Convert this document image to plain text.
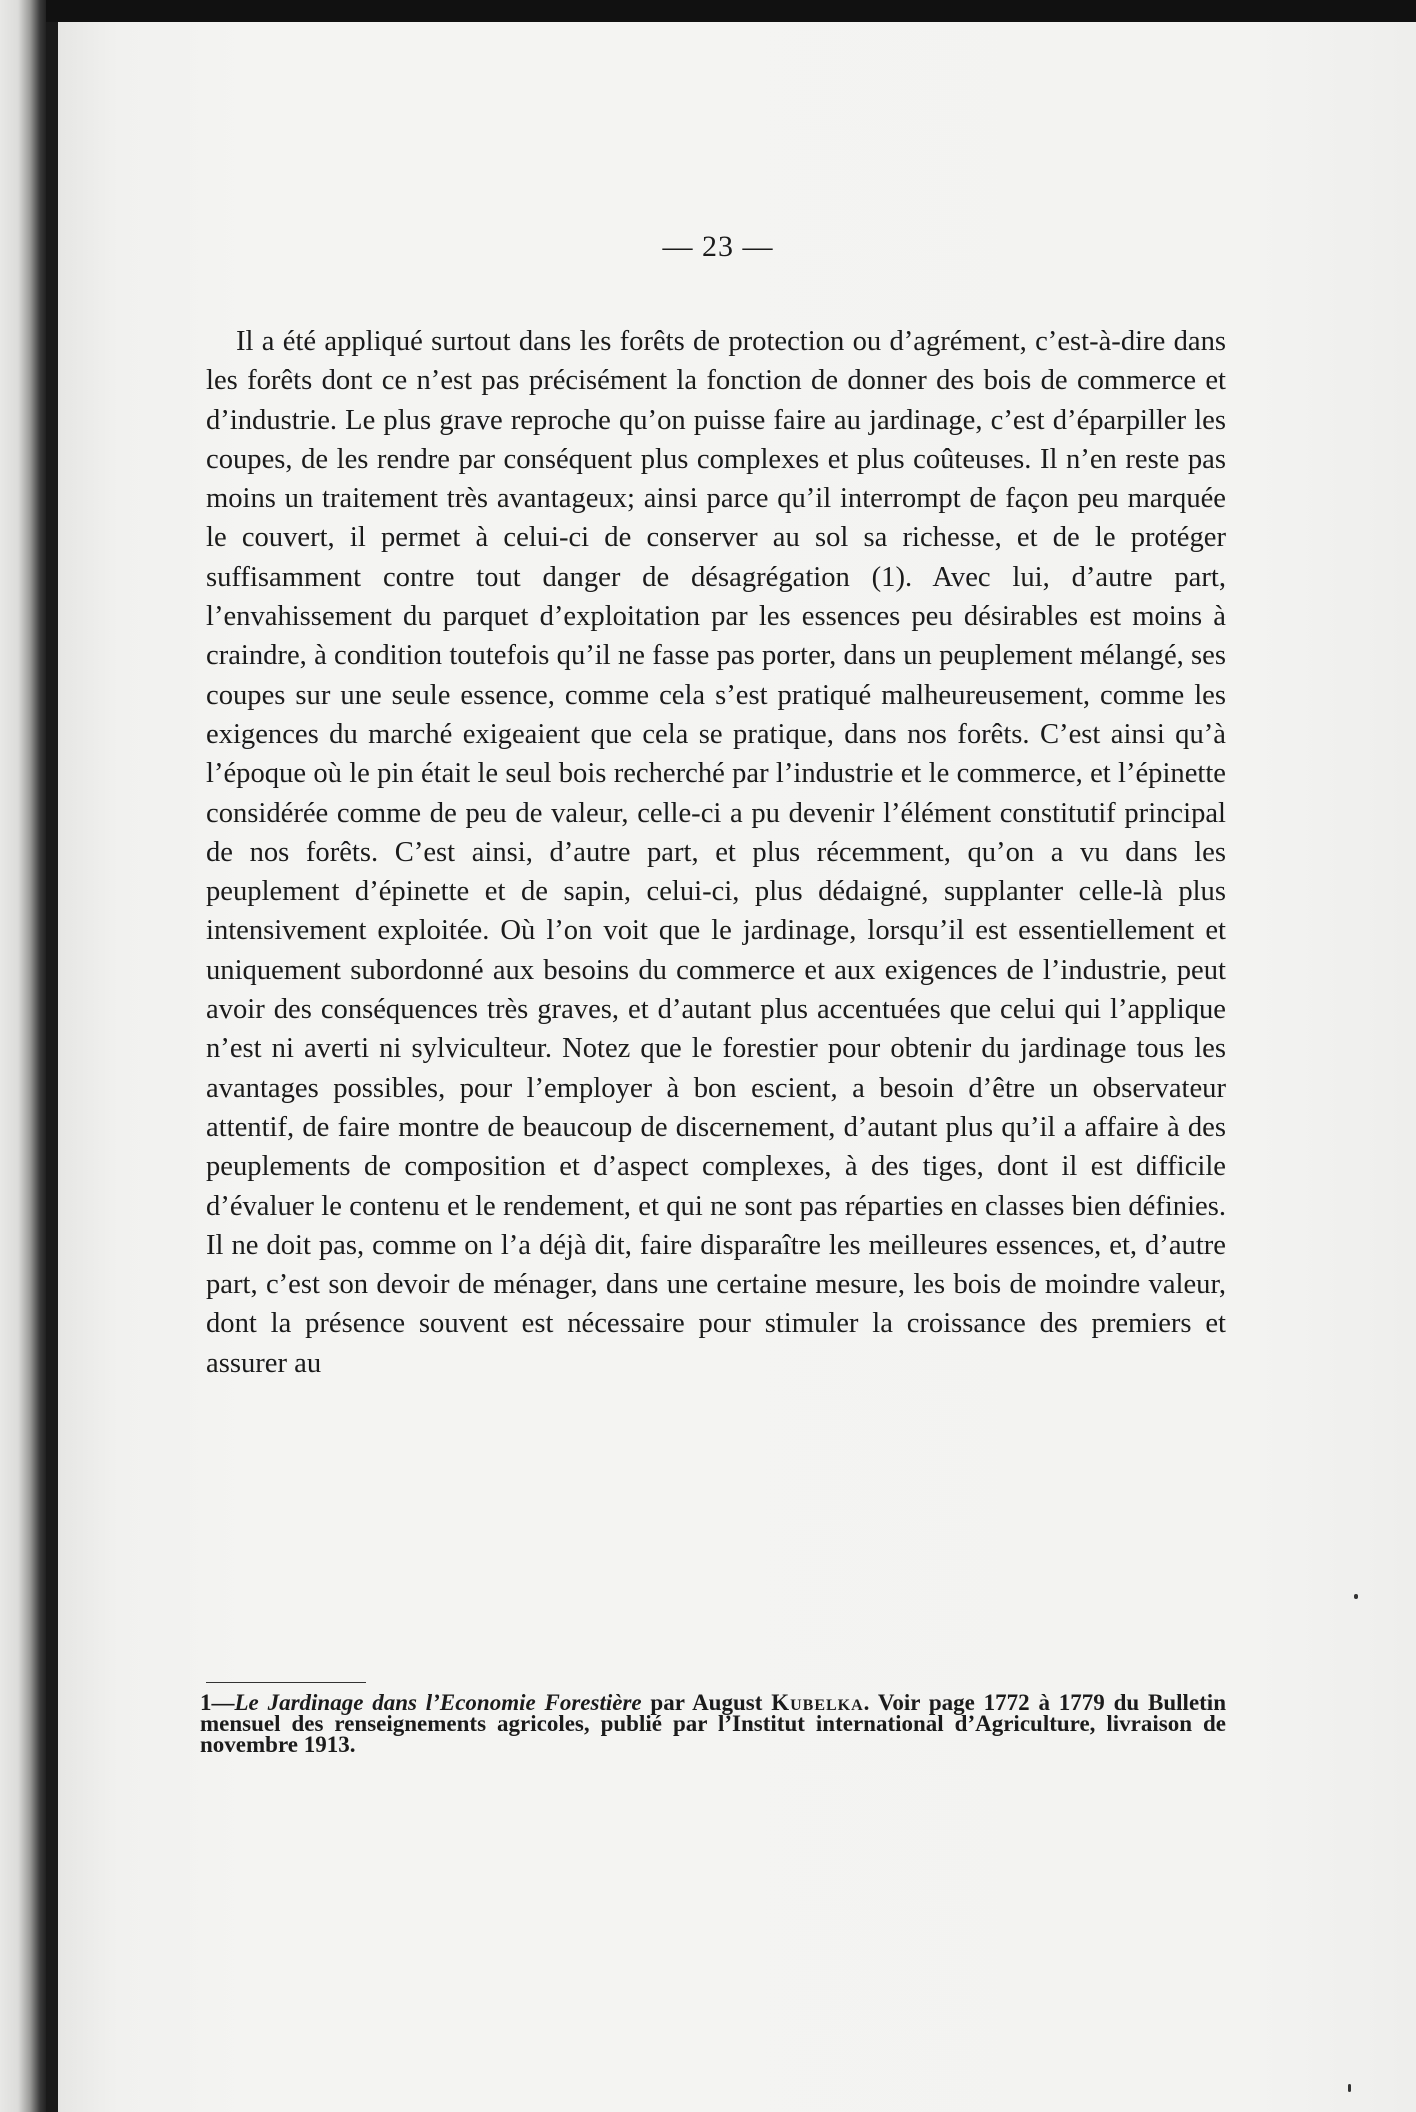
— 23 —

Il a été appliqué surtout dans les forêts de protection ou d’agrément, c’est-à-dire dans les forêts dont ce n’est pas précisément la fonction de donner des bois de commerce et d’industrie. Le plus grave reproche qu’on puisse faire au jardinage, c’est d’éparpiller les coupes, de les rendre par conséquent plus complexes et plus coûteuses. Il n’en reste pas moins un traitement très avantageux; ainsi parce qu’il interrompt de façon peu marquée le couvert, il permet à celui-ci de conserver au sol sa richesse, et de le protéger suffisamment contre tout danger de désagrégation (1). Avec lui, d’autre part, l’envahissement du parquet d’exploitation par les essences peu désirables est moins à craindre, à condition toutefois qu’il ne fasse pas porter, dans un peuplement mélangé, ses coupes sur une seule essence, comme cela s’est pratiqué malheureusement, comme les exigences du marché exigeaient que cela se pratique, dans nos forêts. C’est ainsi qu’à l’époque où le pin était le seul bois recherché par l’industrie et le commerce, et l’épinette considérée comme de peu de valeur, celle-ci a pu devenir l’élément constitutif principal de nos forêts. C’est ainsi, d’autre part, et plus récemment, qu’on a vu dans les peuplement d’épinette et de sapin, celui-ci, plus dédaigné, supplanter celle-là plus intensivement exploitée. Où l’on voit que le jardinage, lorsqu’il est essentiellement et uniquement subordonné aux besoins du commerce et aux exigences de l’industrie, peut avoir des conséquences très graves, et d’autant plus accentuées que celui qui l’applique n’est ni averti ni sylviculteur. Notez que le forestier pour obtenir du jardinage tous les avantages possibles, pour l’employer à bon escient, a besoin d’être un observateur attentif, de faire montre de beaucoup de discernement, d’autant plus qu’il a affaire à des peuplements de composition et d’aspect complexes, à des tiges, dont il est difficile d’évaluer le contenu et le rendement, et qui ne sont pas réparties en classes bien définies. Il ne doit pas, comme on l’a déjà dit, faire disparaître les meilleures essences, et, d’autre part, c’est son devoir de ménager, dans une certaine mesure, les bois de moindre valeur, dont la présence souvent est nécessaire pour stimuler la croissance des premiers et assurer au

1—Le Jardinage dans l’Economie Forestière par August Kubelka. Voir page 1772 à 1779 du Bulletin mensuel des renseignements agricoles, publié par l’Institut international d’Agriculture, livraison de novembre 1913.
